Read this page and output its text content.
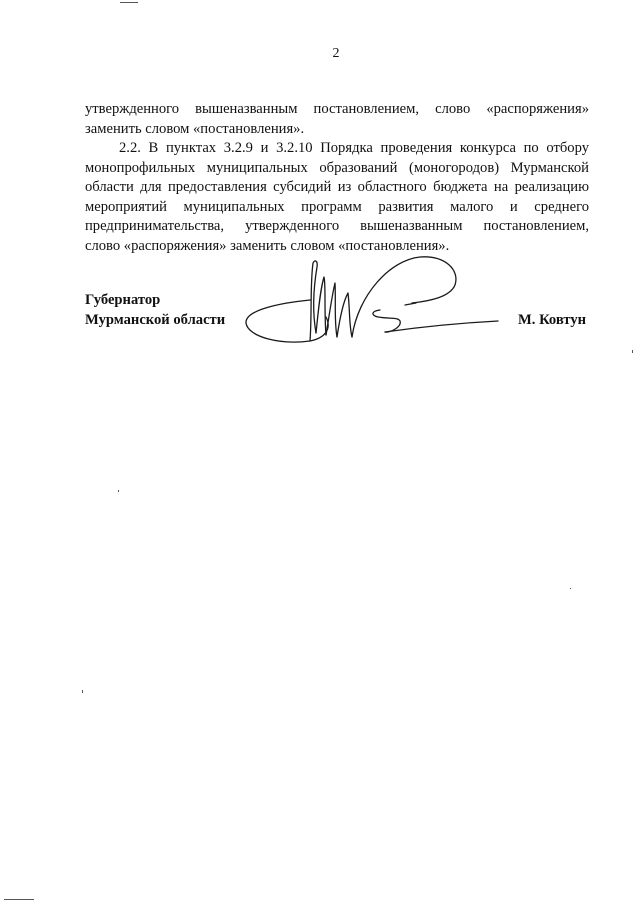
2

утвержденного вышеназванным постановлением, слово «распоряжения»
заменить словом «постановления».

2.2. В пунктах 3.2.9 и 3.2.10 Порядка проведения конкурса по отбору
монопрофильных муниципальных образований (моногородов) Мурманской
области для предоставления субсидий из областного бюджета на реализацию
мероприятий муниципальных программ развития малого и среднего
предпринимательства, утвержденного вышеназванным постановлением,
слово «распоряжения» заменить словом «постановления».

Губернатор
Мурманской области	М. Ковтун
